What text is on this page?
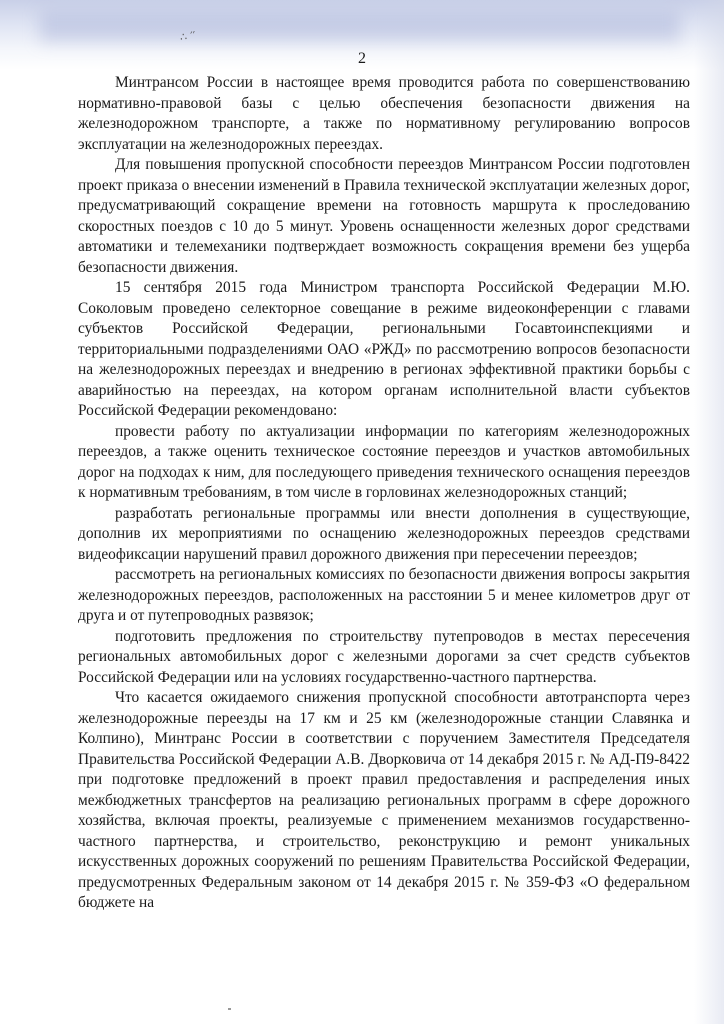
∴ ′′
2

Минтрансом России в настоящее время проводится работа по совершенствованию нормативно-правовой базы с целью обеспечения безопасности движения на железнодорожном транспорте, а также по нормативному регулированию вопросов эксплуатации на железнодорожных переездах.

Для повышения пропускной способности переездов Минтрансом России подготовлен проект приказа о внесении изменений в Правила технической эксплуатации железных дорог, предусматривающий сокращение времени на готовность маршрута к проследованию скоростных поездов с 10 до 5 минут. Уровень оснащенности железных дорог средствами автоматики и телемеханики подтверждает возможность сокращения времени без ущерба безопасности движения.

15 сентября 2015 года Министром транспорта Российской Федерации М.Ю. Соколовым проведено селекторное совещание в режиме видеоконференции с главами субъектов Российской Федерации, региональными Госавтоинспекциями и территориальными подразделениями ОАО «РЖД» по рассмотрению вопросов безопасности на железнодорожных переездах и внедрению в регионах эффективной практики борьбы с аварийностью на переездах, на котором органам исполнительной власти субъектов Российской Федерации рекомендовано:

провести работу по актуализации информации по категориям железнодорожных переездов, а также оценить техническое состояние переездов и участков автомобильных дорог на подходах к ним, для последующего приведения технического оснащения переездов к нормативным требованиям, в том числе в горловинах железнодорожных станций;

разработать региональные программы или внести дополнения в существующие, дополнив их мероприятиями по оснащению железнодорожных переездов средствами видеофиксации нарушений правил дорожного движения при пересечении переездов;

рассмотреть на региональных комиссиях по безопасности движения вопросы закрытия железнодорожных переездов, расположенных на расстоянии 5 и менее километров друг от друга и от путепроводных развязок;

подготовить предложения по строительству путепроводов в местах пересечения региональных автомобильных дорог с железными дорогами за счет средств субъектов Российской Федерации или на условиях государственно-частного партнерства.

Что касается ожидаемого снижения пропускной способности автотранспорта через железнодорожные переезды на 17 км и 25 км (железнодорожные станции Славянка и Колпино), Минтранс России в соответствии с поручением Заместителя Председателя Правительства Российской Федерации А.В. Дворковича от 14 декабря 2015 г. № АД-П9-8422 при подготовке предложений в проект правил предоставления и распределения иных межбюджетных трансфертов на реализацию региональных программ в сфере дорожного хозяйства, включая проекты, реализуемые с применением механизмов государственно-частного партнерства, и строительство, реконструкцию и ремонт уникальных искусственных дорожных сооружений по решениям Правительства Российской Федерации, предусмотренных Федеральным законом от 14 декабря 2015 г. № 359-ФЗ «О федеральном бюджете на
